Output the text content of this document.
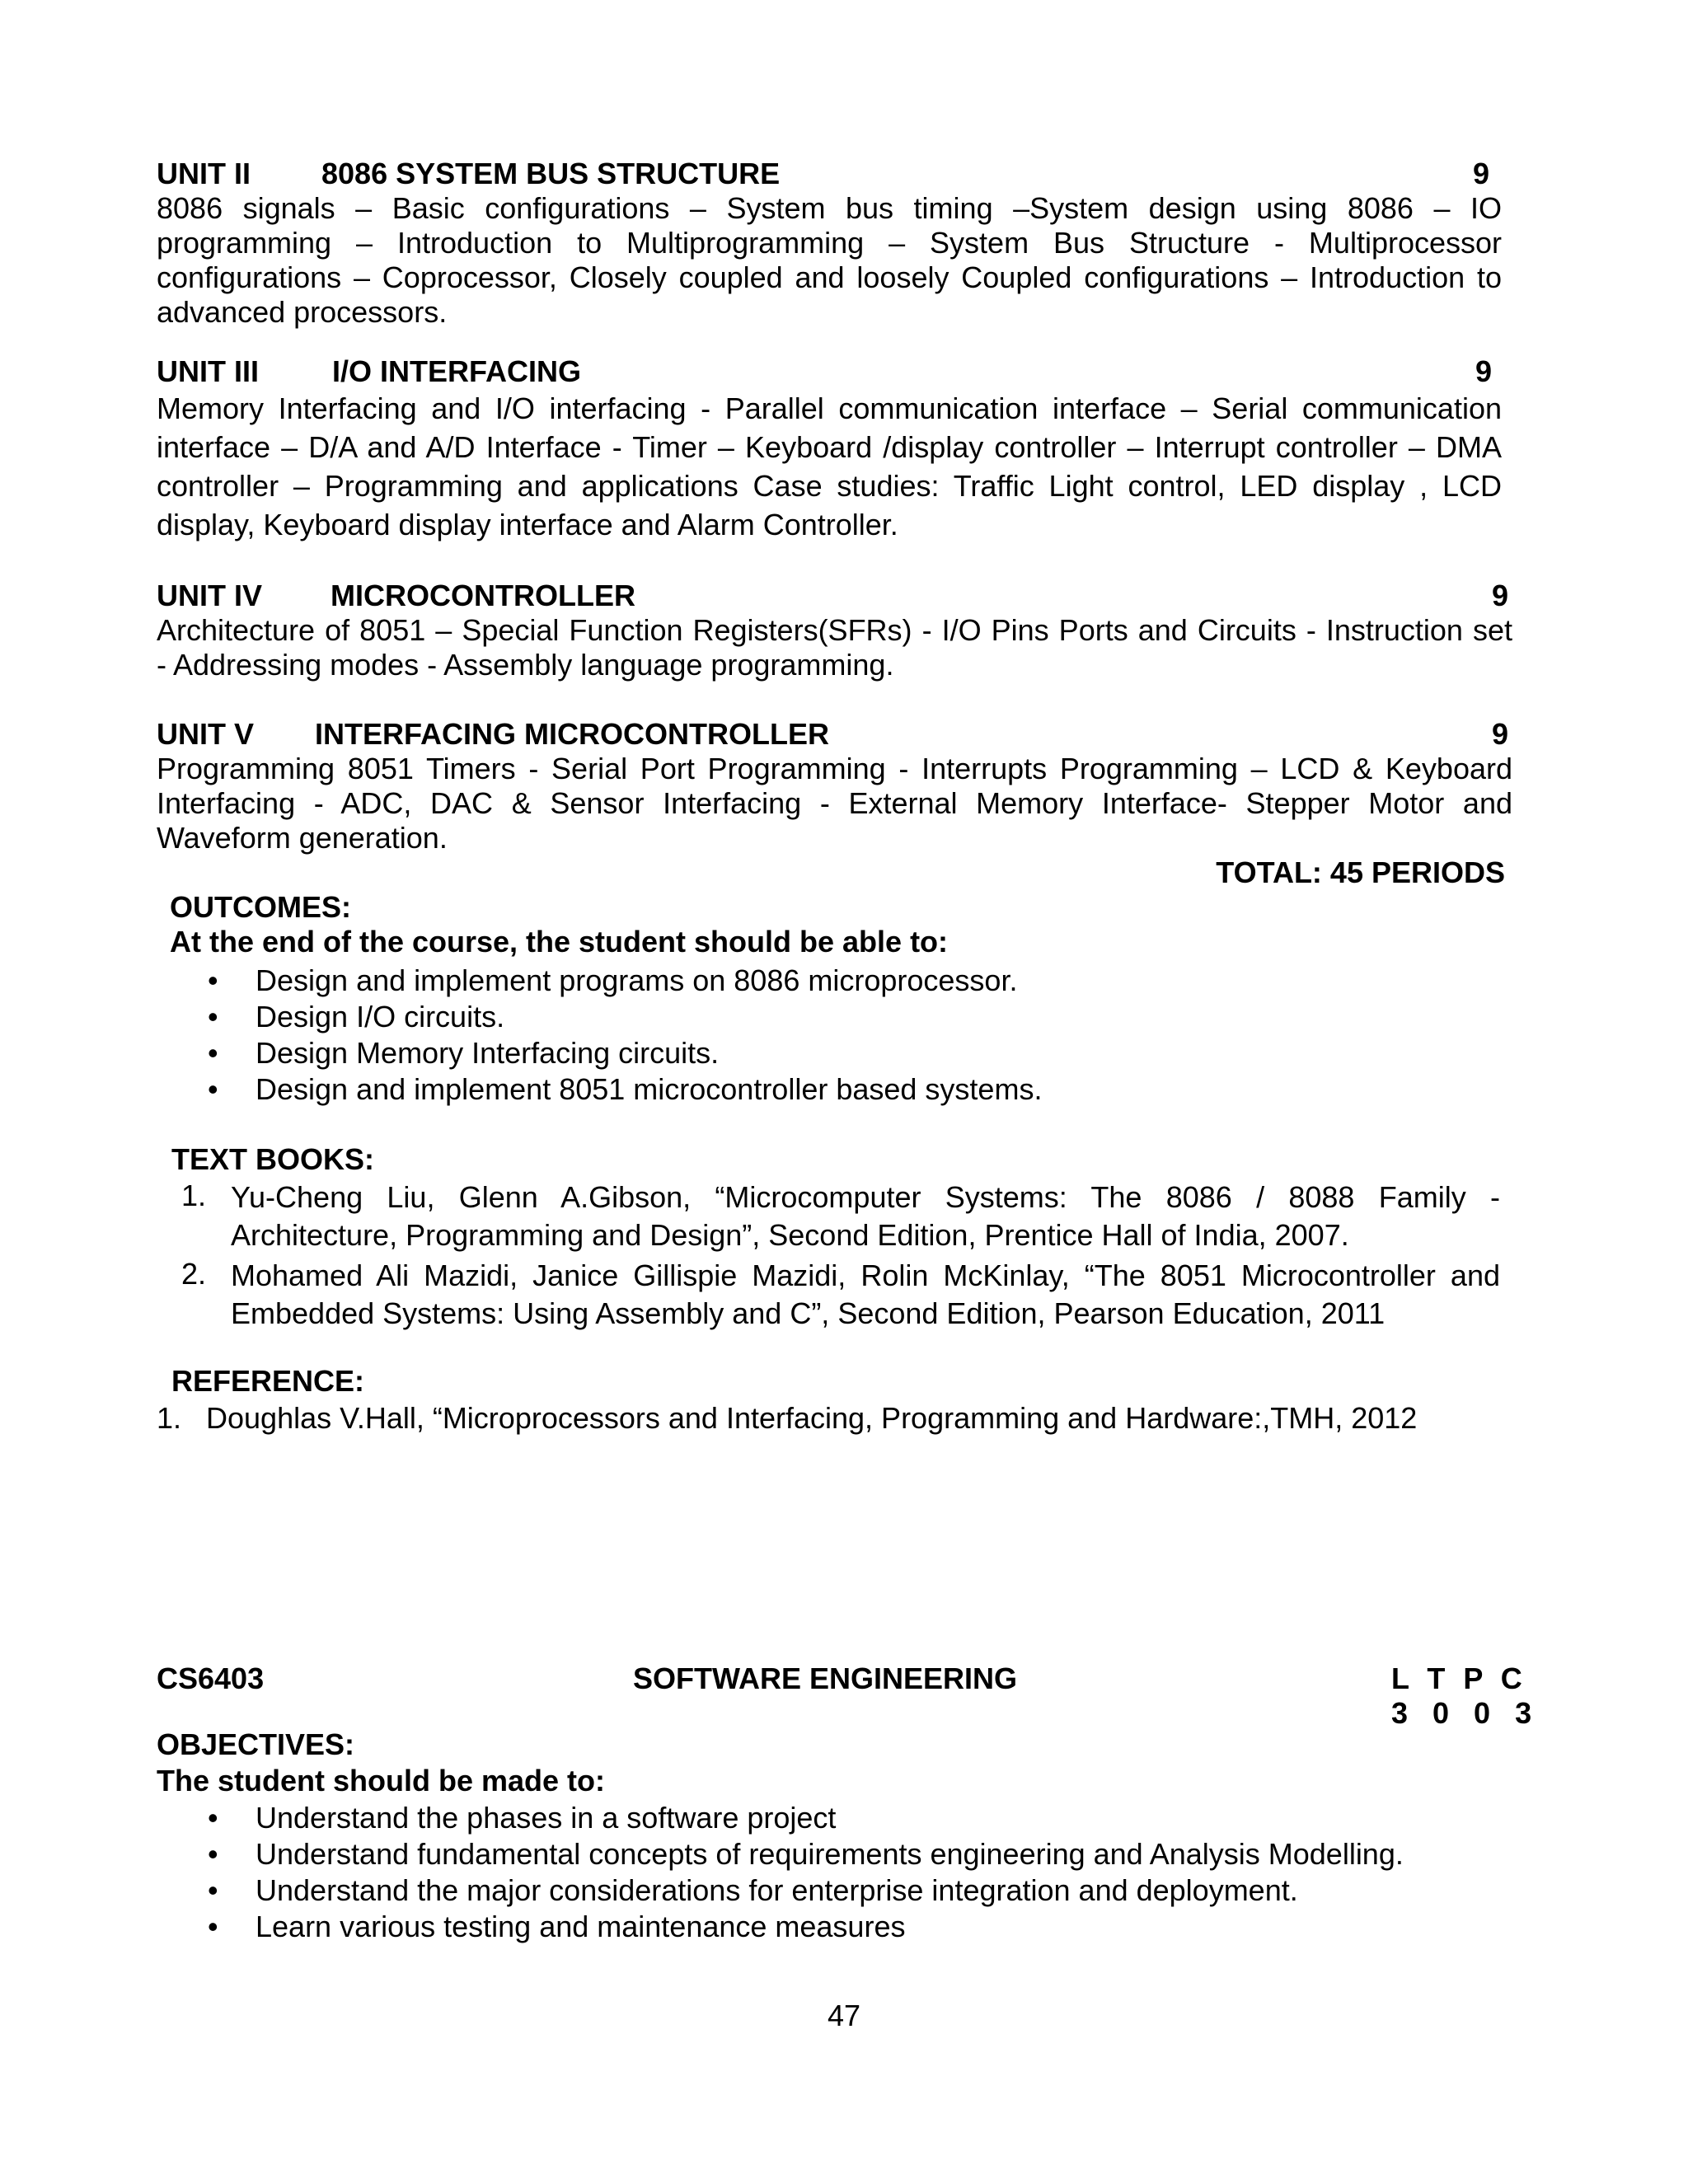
UNIT II 8086 SYSTEM BUS STRUCTURE	9
8086 signals – Basic configurations – System bus timing –System design using 8086 – IO
programming – Introduction to Multiprogramming – System Bus Structure - Multiprocessor
configurations – Coprocessor, Closely coupled and loosely Coupled configurations – Introduction to
advanced processors.
UNIT III I/O INTERFACING	9
Memory Interfacing and I/O interfacing - Parallel communication interface – Serial communication
interface – D/A and A/D Interface - Timer – Keyboard /display controller – Interrupt controller – DMA
controller – Programming and applications Case studies: Traffic Light control, LED display , LCD
display, Keyboard display interface and Alarm Controller.
UNIT IV MICROCONTROLLER	9
Architecture of 8051 – Special Function Registers(SFRs) - I/O Pins Ports and Circuits - Instruction set
- Addressing modes - Assembly language programming.
UNIT V INTERFACING MICROCONTROLLER	9
Programming 8051 Timers - Serial Port Programming - Interrupts Programming – LCD & Keyboard
Interfacing - ADC, DAC & Sensor Interfacing - External Memory Interface- Stepper Motor and
Waveform generation.
TOTAL: 45 PERIODS
OUTCOMES:
At the end of the course, the student should be able to:
• Design and implement programs on 8086 microprocessor.
• Design I/O circuits.
• Design Memory Interfacing circuits.
• Design and implement 8051 microcontroller based systems.
TEXT BOOKS:
1. Yu-Cheng Liu, Glenn A.Gibson, “Microcomputer Systems: The 8086 / 8088 Family -
Architecture, Programming and Design”, Second Edition, Prentice Hall of India, 2007.
2. Mohamed Ali Mazidi, Janice Gillispie Mazidi, Rolin McKinlay, “The 8051 Microcontroller and
Embedded Systems: Using Assembly and C”, Second Edition, Pearson Education, 2011
REFERENCE:
1. Doughlas V.Hall, “Microprocessors and Interfacing, Programming and Hardware:,TMH, 2012
CS6403	SOFTWARE ENGINEERING	L T P C
3 0 0 3
OBJECTIVES:
The student should be made to:
• Understand the phases in a software project
• Understand fundamental concepts of requirements engineering and Analysis Modelling.
• Understand the major considerations for enterprise integration and deployment.
• Learn various testing and maintenance measures
47
